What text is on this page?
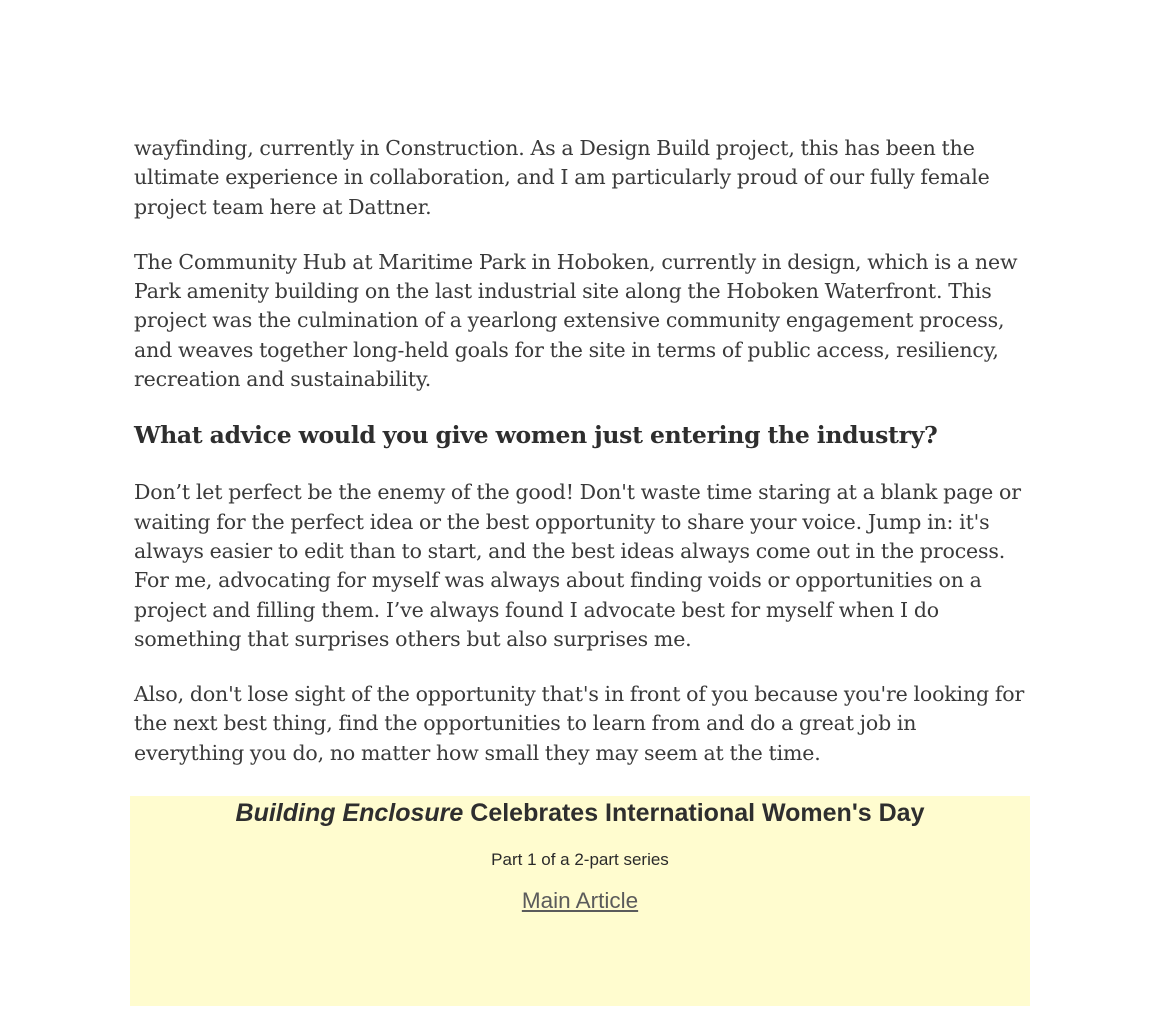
wayfinding, currently in Construction. As a Design Build project, this has been the ultimate experience in collaboration, and I am particularly proud of our fully female project team here at Dattner.

The Community Hub at Maritime Park in Hoboken, currently in design, which is a new Park amenity building on the last industrial site along the Hoboken Waterfront. This project was the culmination of a yearlong extensive community engagement process, and weaves together long-held goals for the site in terms of public access, resiliency, recreation and sustainability.

What advice would you give women just entering the industry?

Don’t let perfect be the enemy of the good! Don't waste time staring at a blank page or waiting for the perfect idea or the best opportunity to share your voice. Jump in: it's always easier to edit than to start, and the best ideas always come out in the process. For me, advocating for myself was always about finding voids or opportunities on a project and filling them. I’ve always found I advocate best for myself when I do something that surprises others but also surprises me.

Also, don't lose sight of the opportunity that's in front of you because you're looking for the next best thing, find the opportunities to learn from and do a great job in everything you do, no matter how small they may seem at the time.

Building Enclosure Celebrates International Women's Day
Part 1 of a 2-part series
Main Article
